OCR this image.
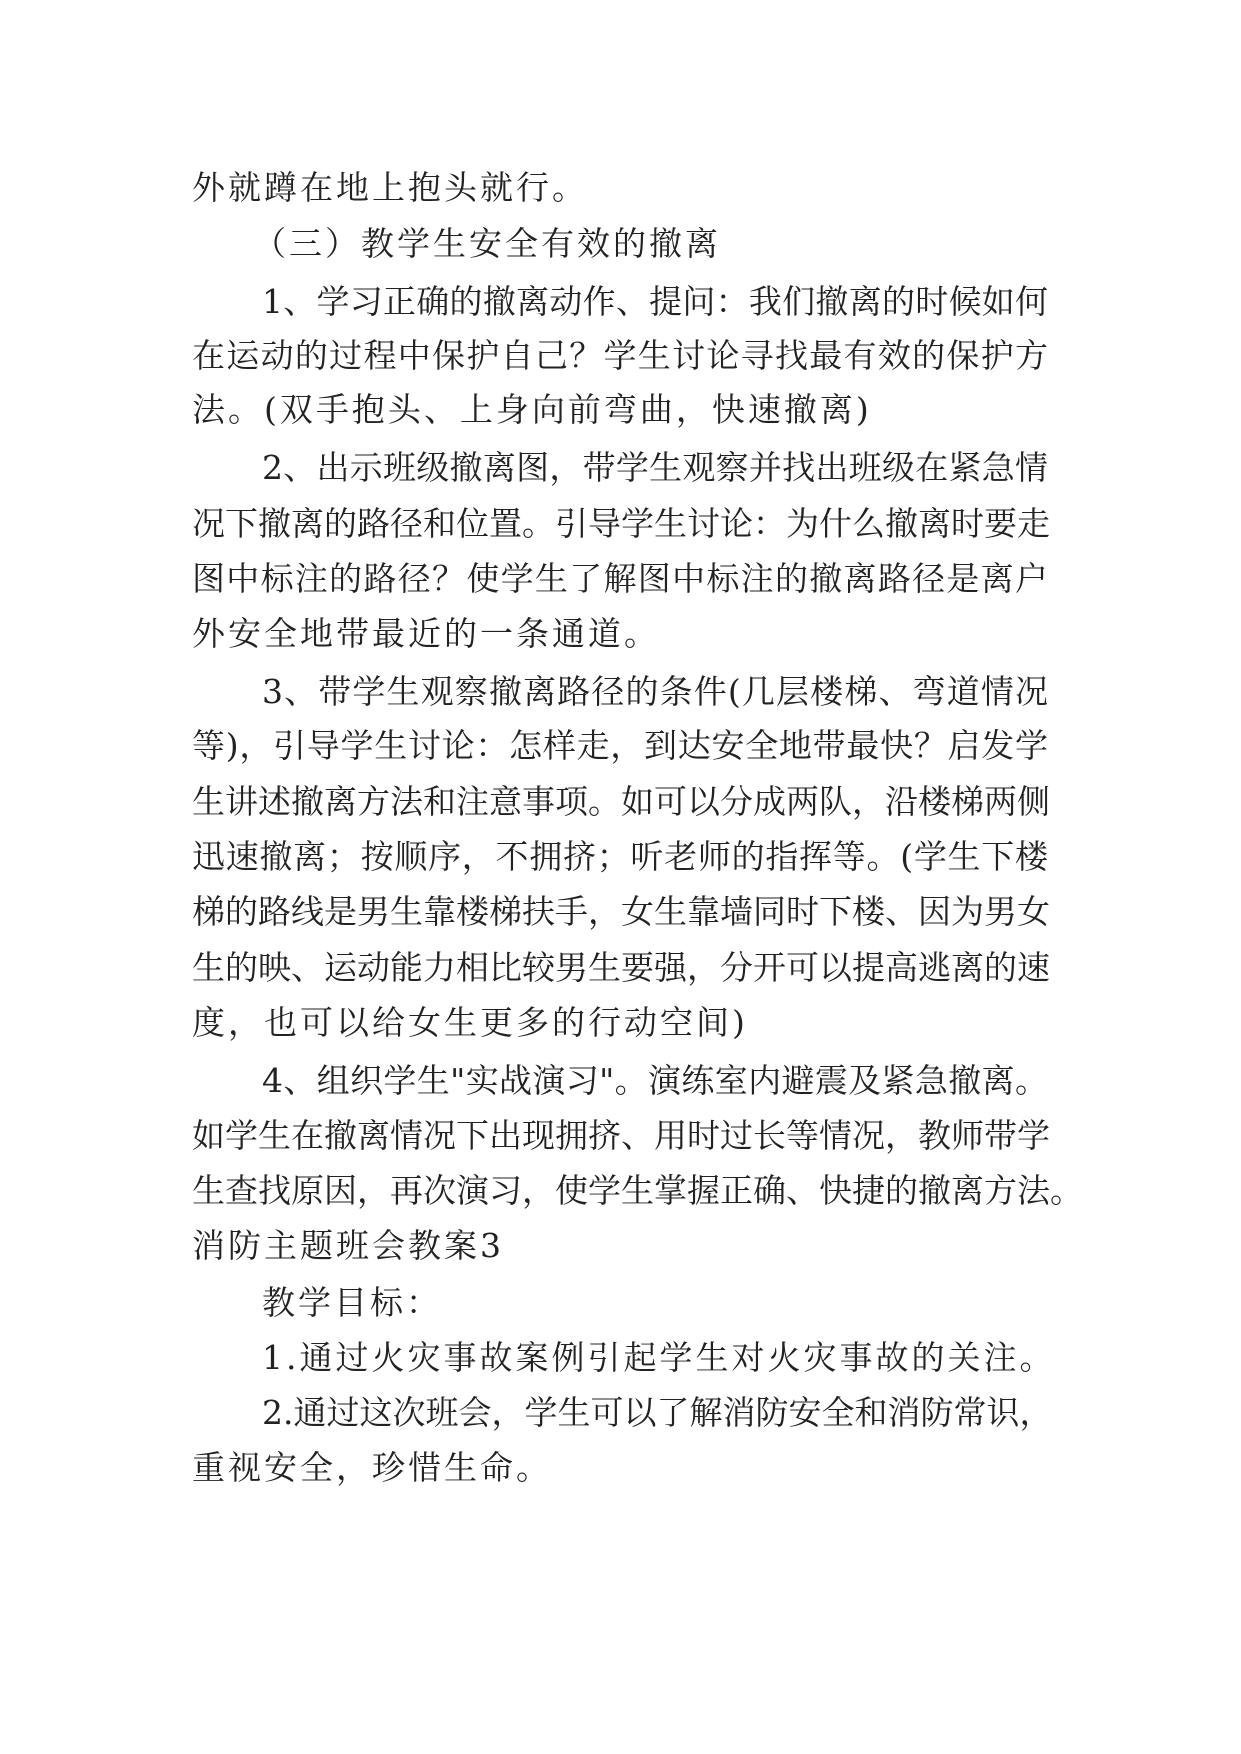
外就蹲在地上抱头就行。
（三）教学生安全有效的撤离
1、学习正确的撤离动作、提问：我们撤离的时候如何
在运动的过程中保护自己？学生讨论寻找最有效的保护方
法。(双手抱头、上身向前弯曲，快速撤离)
2、出示班级撤离图，带学生观察并找出班级在紧急情
况下撤离的路径和位置。引导学生讨论：为什么撤离时要走
图中标注的路径？使学生了解图中标注的撤离路径是离户
外安全地带最近的一条通道。
3、带学生观察撤离路径的条件(几层楼梯、弯道情况
等)，引导学生讨论：怎样走，到达安全地带最快？启发学
生讲述撤离方法和注意事项。如可以分成两队，沿楼梯两侧
迅速撤离；按顺序，不拥挤；听老师的指挥等。(学生下楼
梯的路线是男生靠楼梯扶手，女生靠墙同时下楼、因为男女
生的映、运动能力相比较男生要强，分开可以提高逃离的速
度，也可以给女生更多的行动空间)
4、组织学生"实战演习"。演练室内避震及紧急撤离。
如学生在撤离情况下出现拥挤、用时过长等情况，教师带学
生查找原因，再次演习，使学生掌握正确、快捷的撤离方法。
消防主题班会教案3
教学目标：
1.通过火灾事故案例引起学生对火灾事故的关注。
2.通过这次班会，学生可以了解消防安全和消防常识，
重视安全，珍惜生命。
